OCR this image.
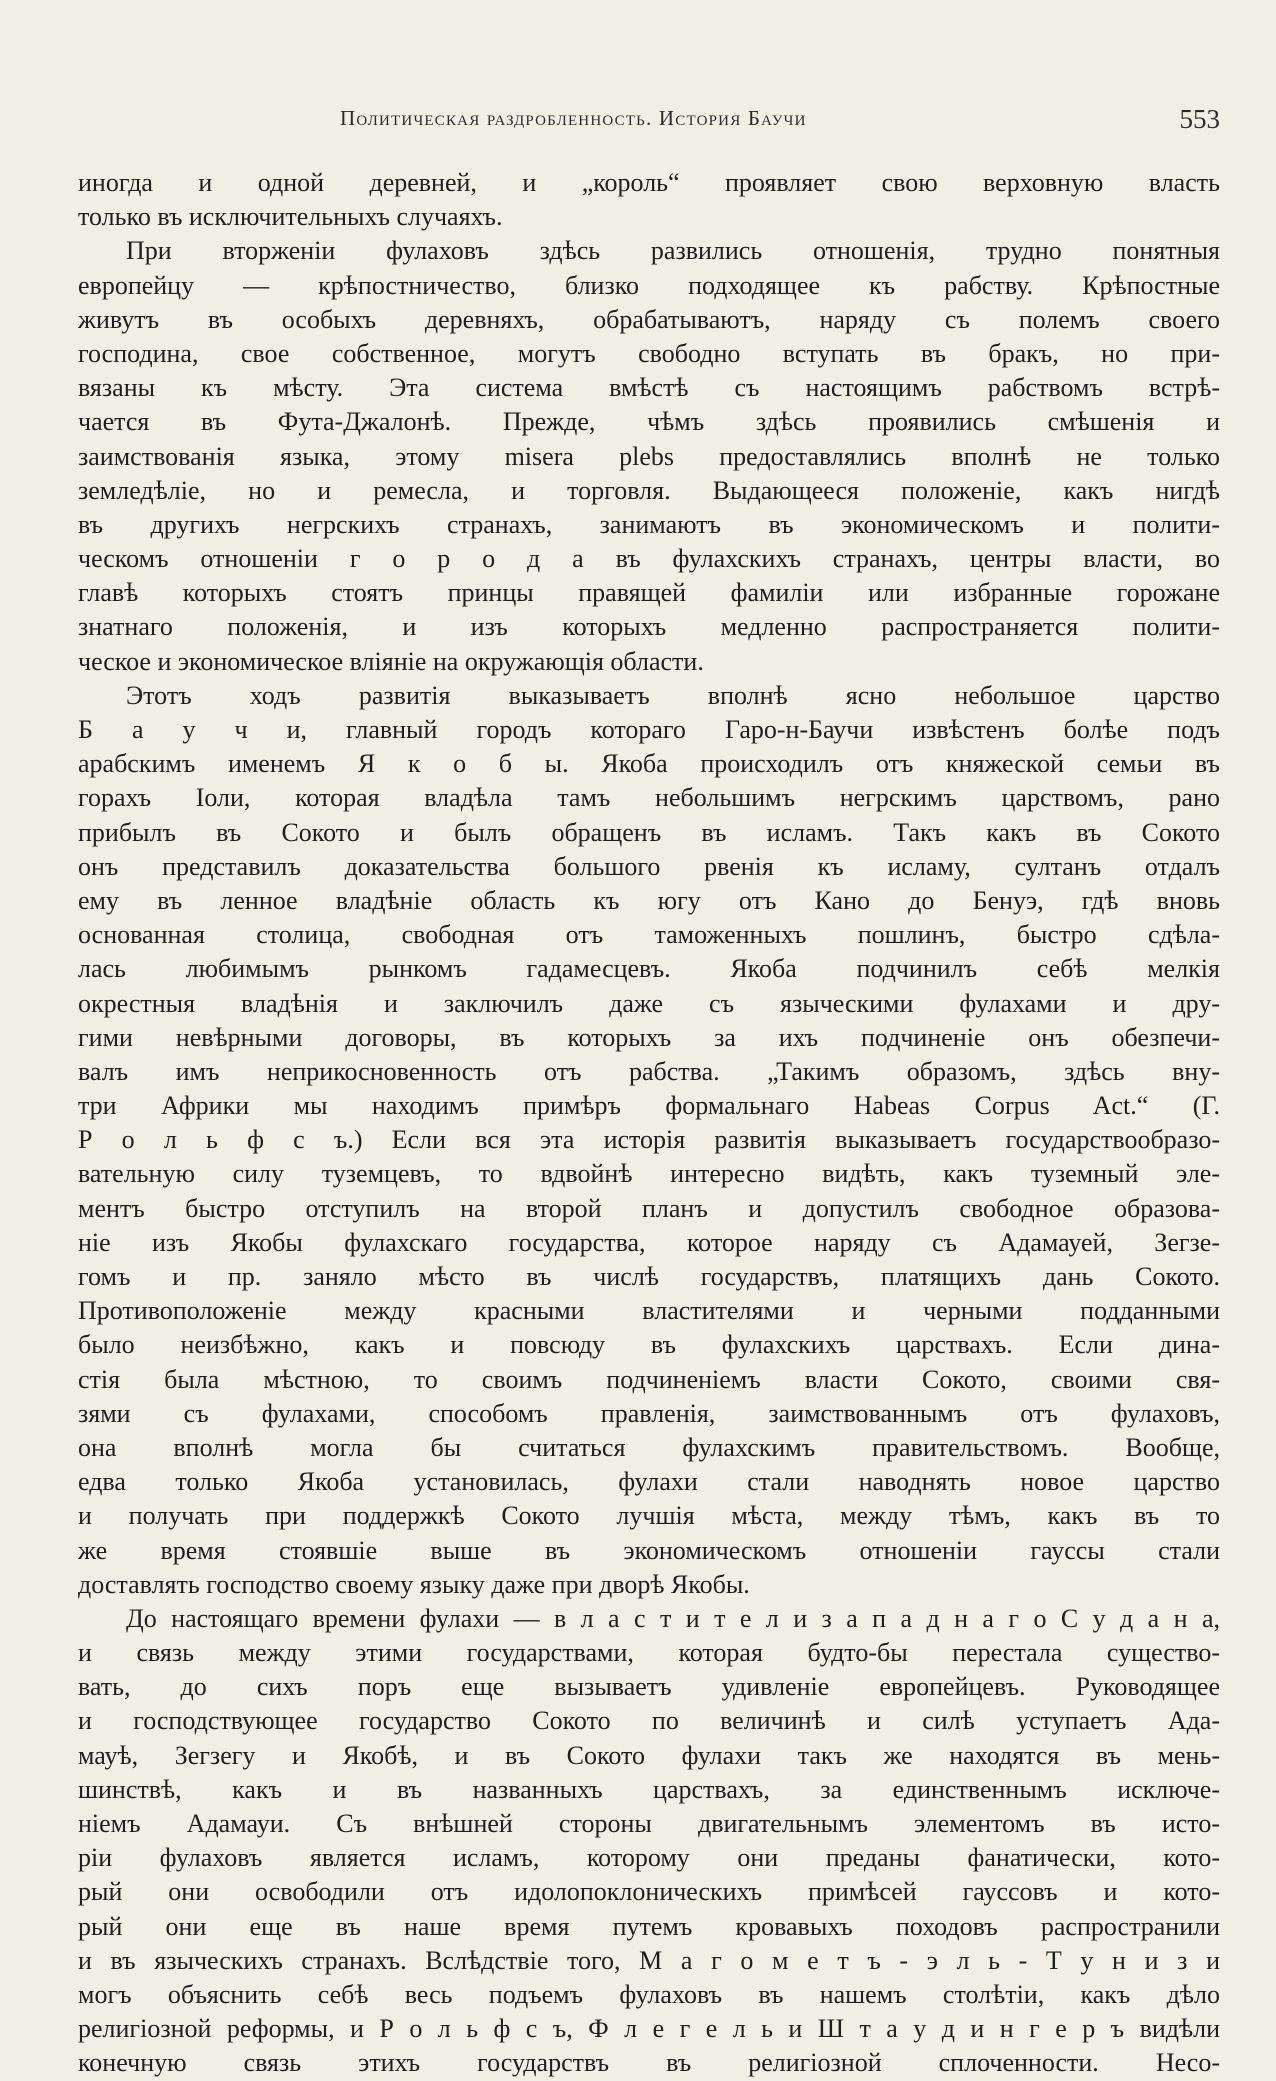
Политическая раздробленность. История Баучи	553
иногда и одной деревней, и „король“ проявляет свою верховную власть
только въ исключительныхъ случаяхъ.
При вторженіи фулаховъ здѣсь развились отношенія, трудно понятныя
европейцу — крѣпостничество, близко подходящее къ рабству. Крѣпостные
живутъ въ особыхъ деревняхъ, обрабатываютъ, наряду съ полемъ своего
господина, свое собственное, могутъ свободно вступать въ бракъ, но при-
вязаны къ мѣсту. Эта система вмѣстѣ съ настоящимъ рабствомъ встрѣ-
чается въ Фута-Джалонѣ. Прежде, чѣмъ здѣсь проявились смѣшенія и
заимствованія языка, этому misera plebs предоставлялись вполнѣ не только
земледѣліе, но и ремесла, и торговля. Выдающееся положеніе, какъ нигдѣ
въ другихъ негрскихъ странахъ, занимаютъ въ экономическомъ и полити-
ческомъ отношеніи г о р о д а въ фулахскихъ странахъ, центры власти, во
главѣ которыхъ стоятъ принцы правящей фамиліи или избранные горожане
знатнаго положенія, и изъ которыхъ медленно распространяется полити-
ческое и экономическое вліяніе на окружающія области.
Этотъ ходъ развитія выказываетъ вполнѣ ясно небольшое царство
Б а у ч и, главный городъ котораго Гаро-н-Баучи извѣстенъ болѣе подъ
арабскимъ именемъ Я к о б ы. Якоба происходилъ отъ княжеской семьи въ
горахъ Іоли, которая владѣла тамъ небольшимъ негрскимъ царствомъ, рано
прибылъ въ Сокото и былъ обращенъ въ исламъ. Такъ какъ въ Сокото
онъ представилъ доказательства большого рвенія къ исламу, султанъ отдалъ
ему въ ленное владѣніе область къ югу отъ Кано до Бенуэ, гдѣ вновь
основанная столица, свободная отъ таможенныхъ пошлинъ, быстро сдѣла-
лась любимымъ рынкомъ гадамесцевъ. Якоба подчинилъ себѣ мелкія
окрестныя владѣнія и заключилъ даже съ языческими фулахами и дру-
гими невѣрными договоры, въ которыхъ за ихъ подчиненіе онъ обезпечи-
валъ имъ неприкосновенность отъ рабства. „Такимъ образомъ, здѣсь вну-
три Африки мы находимъ примѣръ формальнаго Habeas Corpus Act.“ (Г.
Р о л ь ф с ъ.) Если вся эта исторія развитія выказываетъ государствообразо-
вательную силу туземцевъ, то вдвойнѣ интересно видѣть, какъ туземный эле-
ментъ быстро отступилъ на второй планъ и допустилъ свободное образова-
ніе изъ Якобы фулахскаго государства, которое наряду съ Адамауей, Зегзе-
гомъ и пр. заняло мѣсто въ числѣ государствъ, платящихъ дань Сокото.
Противоположеніе между красными властителями и черными подданными
было неизбѣжно, какъ и повсюду въ фулахскихъ царствахъ. Если дина-
стія была мѣстною, то своимъ подчиненіемъ власти Сокото, своими свя-
зями съ фулахами, способомъ правленія, заимствованнымъ отъ фулаховъ,
она вполнѣ могла бы считаться фулахскимъ правительствомъ. Вообще,
едва только Якоба установилась, фулахи стали наводнять новое царство
и получать при поддержкѣ Сокото лучшія мѣста, между тѣмъ, какъ въ то
же время стоявшіе выше въ экономическомъ отношеніи гауссы стали
доставлять господство своему языку даже при дворѣ Якобы.
До настоящаго времени фулахи — в л а с т и т е л и з а п а д н а г о С у д а н а,
и связь между этими государствами, которая будто-бы перестала существо-
вать, до сихъ поръ еще вызываетъ удивленіе европейцевъ. Руководящее
и господствующее государство Сокото по величинѣ и силѣ уступаетъ Ада-
мауѣ, Зегзегу и Якобѣ, и въ Сокото фулахи такъ же находятся въ мень-
шинствѣ, какъ и въ названныхъ царствахъ, за единственнымъ исключе-
ніемъ Адамауи. Съ внѣшней стороны двигательнымъ элементомъ въ исто-
ріи фулаховъ является исламъ, которому они преданы фанатически, кото-
рый они освободили отъ идолопоклоническихъ примѣсей гауссовъ и кото-
рый они еще въ наше время путемъ кровавыхъ походовъ распространили
и въ языческихъ странахъ. Вслѣдствіе того, М а г о м е т ъ - э л ь - Т у н и з и
могъ объяснить себѣ весь подъемъ фулаховъ въ нашемъ столѣтіи, какъ дѣло
религіозной реформы, и Р о л ь ф с ъ, Ф л е г е л ь и Ш т а у д и н г е р ъ видѣли
конечную связь этихъ государствъ въ религіозной сплоченности. Несо-
